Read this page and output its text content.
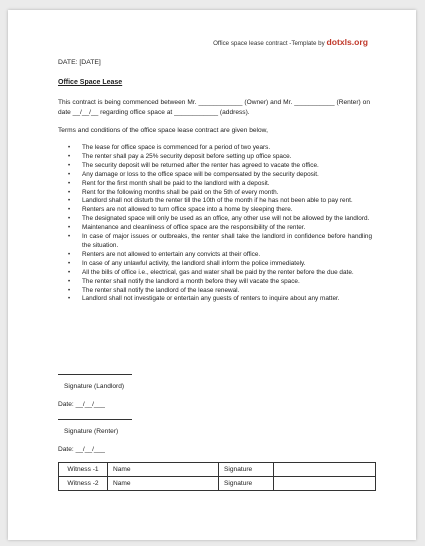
Office space lease contract -Template by dotxls.org
DATE: [DATE]
Office Space Lease
This contract is being commenced between Mr. ____________ (Owner) and Mr. ___________ (Renter) on date __/__/__ regarding office space at ____________ (address).
Terms and conditions of the office space lease contract are given below,
• The lease for office space is commenced for a period of two years.
• The renter shall pay a 25% security deposit before setting up office space.
• The security deposit will be returned after the renter has agreed to vacate the office.
• Any damage or loss to the office space will be compensated by the security deposit.
• Rent for the first month shall be paid to the landlord with a deposit.
• Rent for the following months shall be paid on the 5th of every month.
• Landlord shall not disturb the renter till the 10th of the month if he has not been able to pay rent.
• Renters are not allowed to turn office space into a home by sleeping there.
• The designated space will only be used as an office, any other use will not be allowed by the landlord.
• Maintenance and cleanliness of office space are the responsibility of the renter.
• In case of major issues or outbreaks, the renter shall take the landlord in confidence before handling the situation.
• Renters are not allowed to entertain any convicts at their office.
• In case of any unlawful activity, the landlord shall inform the police immediately.
• All the bills of office i.e., electrical, gas and water shall be paid by the renter before the due date.
• The renter shall notify the landlord a month before they will vacate the space.
• The renter shall notify the landlord of the lease renewal.
• Landlord shall not investigate or entertain any guests of renters to inquire about any matter.
Signature (Landlord)
Date: __/__/___
Signature (Renter)
Date: __/__/___
Witness -1	Name	Signature	
Witness -2	Name	Signature	
